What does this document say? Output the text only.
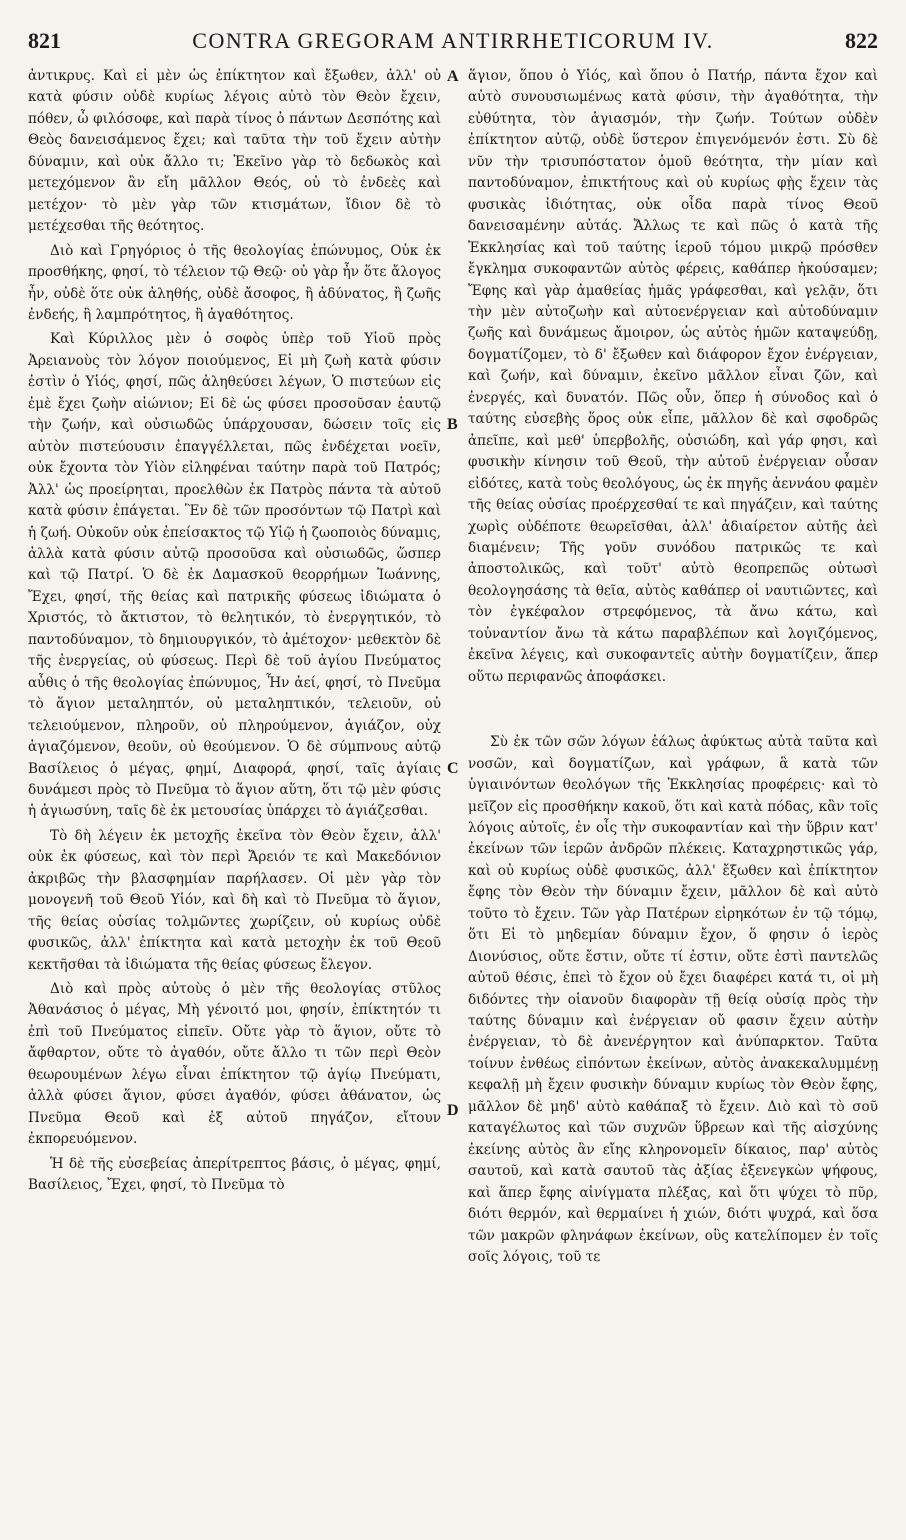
821	CONTRA GREGORAM ANTIRRHETICORUM IV.	822

ἀντικρυς. Καὶ εἰ μὲν ὡς ἐπίκτητον καὶ ἔξωθεν, ἀλλ' οὐ κατὰ φύσιν οὐδὲ κυρίως λέγοις αὐτὸ τὸν Θεὸν ἔχειν, πόθεν, ὦ φιλόσοφε, καὶ παρὰ τίνος ὁ πάντων Δεσπότης καὶ Θεὸς δανεισάμενος ἔχει; καὶ ταῦτα τὴν τοῦ ἔχειν αὐτὴν δύναμιν, καὶ οὐκ ἄλλο τι; Ἐκεῖνο γὰρ τὸ δεδωκὸς καὶ μετεχόμενον ἂν εἴη μᾶλλον Θεός, οὐ τὸ ἐνδεὲς καὶ μετέχον· τὸ μὲν γὰρ τῶν κτισμάτων, ἴδιον δὲ τὸ μετέχεσθαι τῆς θεότητος.

Διὸ καὶ Γρηγόριος ὁ τῆς θεολογίας ἐπώνυμος, Οὐκ ἐκ προσθήκης, φησί, τὸ τέλειον τῷ Θεῷ· οὐ γὰρ ἦν ὅτε ἄλογος ἦν, οὐδὲ ὅτε οὐκ ἀληθής, οὐδὲ ἄσοφος, ἢ ἀδύνατος, ἢ ζωῆς ἐνδεής, ἢ λαμπρότητος, ἢ ἀγαθότητος.

Καὶ Κύριλλος μὲν ὁ σοφὸς ὑπὲρ τοῦ Υἱοῦ πρὸς Ἀρειανοὺς τὸν λόγον ποιούμενος, Εἰ μὴ ζωὴ κατὰ φύσιν ἐστὶν ὁ Υἱός, φησί, πῶς ἀληθεύσει λέγων, Ὁ πιστεύων εἰς ἐμὲ ἔχει ζωὴν αἰώνιον; Εἰ δὲ ὡς φύσει προσοῦσαν ἑαυτῷ τὴν ζωήν, καὶ οὐσιωδῶς ὑπάρχουσαν, δώσειν τοῖς εἰς αὐτὸν πιστεύουσιν ἐπαγγέλλεται, πῶς ἐνδέχεται νοεῖν, οὐκ ἔχοντα τὸν Υἱὸν εἰληφέναι ταύτην παρὰ τοῦ Πατρός; Ἀλλ' ὡς προείρηται, προελθὼν ἐκ Πατρὸς πάντα τὰ αὐτοῦ κατὰ φύσιν ἐπάγεται. Ἓν δὲ τῶν προσόντων τῷ Πατρὶ καὶ ἡ ζωή. Οὐκοῦν οὐκ ἐπείσακτος τῷ Υἱῷ ἡ ζωοποιὸς δύναμις, ἀλλὰ κατὰ φύσιν αὐτῷ προσοῦσα καὶ οὐσιωδῶς, ὥσπερ καὶ τῷ Πατρί. Ὁ δὲ ἐκ Δαμασκοῦ θεορρήμων Ἰωάννης, Ἔχει, φησί, τῆς θείας καὶ πατρικῆς φύσεως ἰδιώματα ὁ Χριστός, τὸ ἄκτιστον, τὸ θελητικόν, τὸ ἐνεργητικόν, τὸ παντοδύναμον, τὸ δημιουργικόν, τὸ ἀμέτοχον· μεθεκτὸν δὲ τῆς ἐνεργείας, οὐ φύσεως. Περὶ δὲ τοῦ ἁγίου Πνεύματος αὖθις ὁ τῆς θεολογίας ἐπώνυμος, Ἦν ἀεί, φησί, τὸ Πνεῦμα τὸ ἅγιον μεταληπτόν, οὐ μεταληπτικόν, τελειοῦν, οὐ τελειούμενον, πληροῦν, οὐ πληρούμενον, ἁγιάζον, οὐχ ἁγιαζόμενον, θεοῦν, οὐ θεούμενον. Ὁ δὲ σύμπνους αὐτῷ Βασίλειος ὁ μέγας, φημί, Διαφορά, φησί, ταῖς ἁγίαις δυνάμεσι πρὸς τὸ Πνεῦμα τὸ ἅγιον αὕτη, ὅτι τῷ μὲν φύσις ἡ ἁγιωσύνη, ταῖς δὲ ἐκ μετουσίας ὑπάρχει τὸ ἁγιάζεσθαι.

Τὸ δὴ λέγειν ἐκ μετοχῆς ἐκεῖνα τὸν Θεὸν ἔχειν, ἀλλ' οὐκ ἐκ φύσεως, καὶ τὸν περὶ Ἄρειόν τε καὶ Μακεδόνιον ἀκριβῶς τὴν βλασφημίαν παρήλασεν. Οἱ μὲν γὰρ τὸν μονογενῆ τοῦ Θεοῦ Υἱόν, καὶ δὴ καὶ τὸ Πνεῦμα τὸ ἅγιον, τῆς θείας οὐσίας τολμῶντες χωρίζειν, οὐ κυρίως οὐδὲ φυσικῶς, ἀλλ' ἐπίκτητα καὶ κατὰ μετοχὴν ἐκ τοῦ Θεοῦ κεκτῆσθαι τὰ ἰδιώματα τῆς θείας φύσεως ἔλεγον.

Διὸ καὶ πρὸς αὐτοὺς ὁ μὲν τῆς θεολογίας στῦλος Ἀθανάσιος ὁ μέγας, Μὴ γένοιτό μοι, φησίν, ἐπίκτητόν τι ἐπὶ τοῦ Πνεύματος εἰπεῖν. Οὔτε γὰρ τὸ ἅγιον, οὔτε τὸ ἄφθαρτον, οὔτε τὸ ἀγαθόν, οὔτε ἄλλο τι τῶν περὶ Θεὸν θεωρουμένων λέγω εἶναι ἐπίκτητον τῷ ἁγίῳ Πνεύματι, ἀλλὰ φύσει ἅγιον, φύσει ἀγαθόν, φύσει ἀθάνατον, ὡς Πνεῦμα Θεοῦ καὶ ἐξ αὐτοῦ πηγάζον, εἴτουν ἐκπορευόμενον.

Ἡ δὲ τῆς εὐσεβείας ἀπερίτρεπτος βάσις, ὁ μέγας, φημί, Βασίλειος, Ἔχει, φησί, τὸ Πνεῦμα τὸ

A
B
C
D

ἅγιον, ὅπου ὁ Υἱός, καὶ ὅπου ὁ Πατήρ, πάντα ἔχον καὶ αὐτὸ συνουσιωμένως κατὰ φύσιν, τὴν ἀγαθότητα, τὴν εὐθύτητα, τὸν ἁγιασμόν, τὴν ζωήν. Τούτων οὐδὲν ἐπίκτητον αὐτῷ, οὐδὲ ὕστερον ἐπιγενόμενόν ἐστι. Σὺ δὲ νῦν τὴν τρισυπόστατον ὁμοῦ θεότητα, τὴν μίαν καὶ παντοδύναμον, ἐπικτήτους καὶ οὐ κυρίως φῂς ἔχειν τὰς φυσικὰς ἰδιότητας, οὐκ οἶδα παρὰ τίνος Θεοῦ δανεισαμένην αὐτάς. Ἄλλως τε καὶ πῶς ὁ κατὰ τῆς Ἐκκλησίας καὶ τοῦ ταύτης ἱεροῦ τόμου μικρῷ πρόσθεν ἔγκλημα συκοφαντῶν αὐτὸς φέρεις, καθάπερ ἠκούσαμεν; Ἔφης καὶ γὰρ ἀμαθείας ἡμᾶς γράφεσθαι, καὶ γελᾷν, ὅτι τὴν μὲν αὐτοζωὴν καὶ αὐτοενέργειαν καὶ αὐτοδύναμιν ζωῆς καὶ δυνάμεως ἄμοιρον, ὡς αὐτὸς ἡμῶν καταψεύδῃ, δογματίζομεν, τὸ δ' ἔξωθεν καὶ διάφορον ἔχον ἐνέργειαν, καὶ ζωήν, καὶ δύναμιν, ἐκεῖνο μᾶλλον εἶναι ζῶν, καὶ ἐνεργές, καὶ δυνατόν. Πῶς οὖν, ὅπερ ἡ σύνοδος καὶ ὁ ταύτης εὐσεβὴς ὅρος οὐκ εἶπε, μᾶλλον δὲ καὶ σφοδρῶς ἀπεῖπε, καὶ μεθ' ὑπερβολῆς, οὐσιώδη, καὶ γάρ φησι, καὶ φυσικὴν κίνησιν τοῦ Θεοῦ, τὴν αὐτοῦ ἐνέργειαν οὖσαν εἰδότες, κατὰ τοὺς θεολόγους, ὡς ἐκ πηγῆς ἀεννάου φαμὲν τῆς θείας οὐσίας προέρχεσθαί τε καὶ πηγάζειν, καὶ ταύτης χωρὶς οὐδέποτε θεωρεῖσθαι, ἀλλ' ἀδιαίρετον αὐτῆς ἀεὶ διαμένειν; Τῆς γοῦν συνόδου πατρικῶς τε καὶ ἀποστολικῶς, καὶ τοῦτ' αὐτὸ θεοπρεπῶς οὑτωσὶ θεολογησάσης τὰ θεῖα, αὐτὸς καθάπερ οἱ ναυτιῶντες, καὶ τὸν ἐγκέφαλον στρεφόμενος, τὰ ἄνω κάτω, καὶ τοὐναντίον ἄνω τὰ κάτω παραβλέπων καὶ λογιζόμενος, ἐκεῖνα λέγεις, καὶ συκοφαντεῖς αὐτὴν δογματίζειν, ἅπερ οὕτω περιφανῶς ἀποφάσκει.

Σὺ ἐκ τῶν σῶν λόγων ἑάλως ἀφύκτως αὐτὰ ταῦτα καὶ νοσῶν, καὶ δογματίζων, καὶ γράφων, ἃ κατὰ τῶν ὑγιαινόντων θεολόγων τῆς Ἐκκλησίας προφέρεις· καὶ τὸ μεῖζον εἰς προσθήκην κακοῦ, ὅτι καὶ κατὰ πόδας, κἂν τοῖς λόγοις αὐτοῖς, ἐν οἷς τὴν συκοφαντίαν καὶ τὴν ὕβριν κατ' ἐκείνων τῶν ἱερῶν ἀνδρῶν πλέκεις. Καταχρηστικῶς γάρ, καὶ οὐ κυρίως οὐδὲ φυσικῶς, ἀλλ' ἔξωθεν καὶ ἐπίκτητον ἔφης τὸν Θεὸν τὴν δύναμιν ἔχειν, μᾶλλον δὲ καὶ αὐτὸ τοῦτο τὸ ἔχειν. Τῶν γὰρ Πατέρων εἰρηκότων ἐν τῷ τόμῳ, ὅτι Εἰ τὸ μηδεμίαν δύναμιν ἔχον, ὅ φησιν ὁ ἱερὸς Διονύσιος, οὔτε ἔστιν, οὔτε τί ἐστιν, οὔτε ἐστὶ παντελῶς αὐτοῦ θέσις, ἐπεὶ τὸ ἔχον οὐ ἔχει διαφέρει κατά τι, οἱ μὴ διδόντες τὴν οἱανοῦν διαφορὰν τῇ θείᾳ οὐσίᾳ πρὸς τὴν ταύτης δύναμιν καὶ ἐνέργειαν οὔ φασιν ἔχειν αὐτὴν ἐνέργειαν, τὸ δὲ ἀνενέργητον καὶ ἀνύπαρκτον. Ταῦτα τοίνυν ἐνθέως εἰπόντων ἐκείνων, αὐτὸς ἀνακεκαλυμμένῃ κεφαλῇ μὴ ἔχειν φυσικὴν δύναμιν κυρίως τὸν Θεὸν ἔφης, μᾶλλον δὲ μηδ' αὐτὸ καθάπαξ τὸ ἔχειν. Διὸ καὶ τὸ σοῦ καταγέλωτος καὶ τῶν συχνῶν ὕβρεων καὶ τῆς αἰσχύνης ἐκείνης αὐτὸς ἂν εἴης κληρονομεῖν δίκαιος, παρ' αὐτὸς σαυτοῦ, καὶ κατὰ σαυτοῦ τὰς ἀξίας ἐξενεγκὼν ψήφους, καὶ ἅπερ ἔφης αἰνίγματα πλέξας, καὶ ὅτι ψύχει τὸ πῦρ, διότι θερμόν, καὶ θερμαίνει ἡ χιών, διότι ψυχρά, καὶ ὅσα τῶν μακρῶν φληνάφων ἐκείνων, οὓς κατελίπομεν ἐν τοῖς σοῖς λόγοις, τοῦ τε
